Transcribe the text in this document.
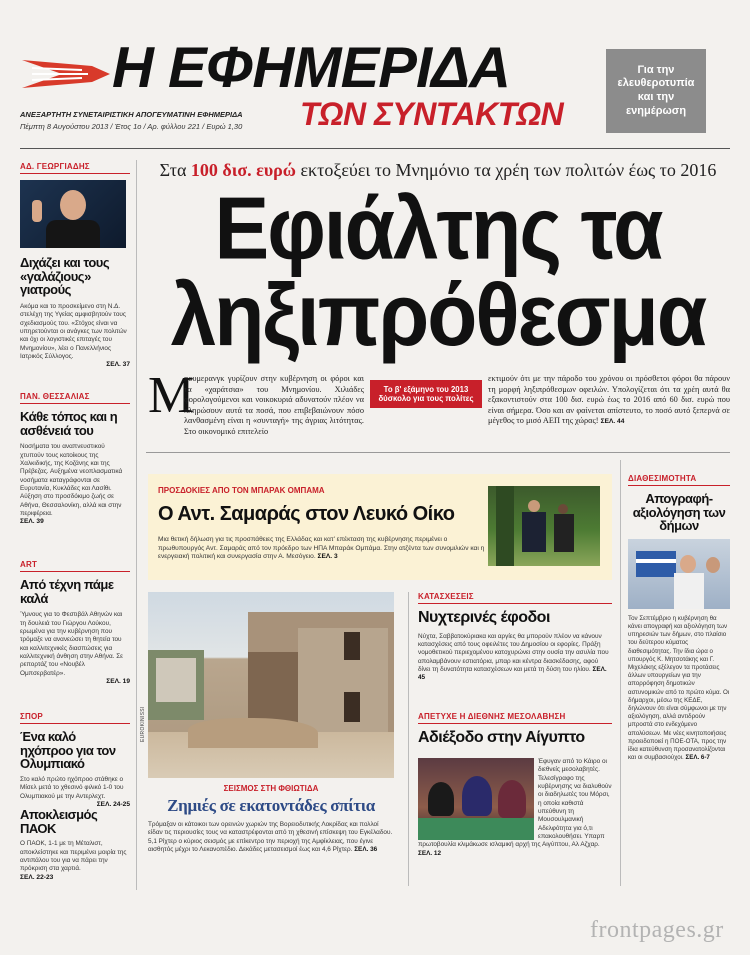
Η ΕΦΗΜΕΡΙΔΑ
ΑΝΕΞΑΡΤΗΤΗ ΣΥΝΕΤΑΙΡΙΣΤΙΚΗ ΑΠΟΓΕΥΜΑΤΙΝΗ ΕΦΗΜΕΡΙΔΑ
Πέμπτη 8 Αυγούστου 2013 / Έτος 1ο / Αρ. φύλλου 221 / Ευρώ 1,30 ΤΩΝ ΣΥΝΤΑΚΤΩΝ
Για την ελευθεροτυπία και την ενημέρωση
ΑΔ. ΓΕΩΡΓΙΑΔΗΣ
Διχάζει και τους «γαλάζιους» γιατρούς
Ακόμα και το προσκείμενο στη Ν.Δ. στελέχη της Υγείας αμφισβητούν τους σχεδιασμούς του. «Στόχος είναι να υπηρετούνται οι ανάγκες των πολιτών και όχι οι λογιστικές επιταγές του Μνημονίου», λέει ο Πανελλήνιος Ιατρικός Σύλλογος.
ΣΕΛ. 37
ΠΑΝ. ΘΕΣΣΑΛΙΑΣ
Κάθε τόπος και η ασθένειά του
Νοσήματα του αναπνευστικού χτυπούν τους κατοίκους της Χαλκιδικής, της Κοζάνης και της Πρέβεζας. Αυξημένα νεοπλασματικά νοσήματα καταγράφονται σε Ευρυτανία, Κυκλάδες και Λασίθι. Αύξηση στο προσδόκιμο ζωής σε Αθήνα, Θεσσαλονίκη, αλλά και στην περιφέρεια.
ΣΕΛ. 39
ART
Από τέχνη πάμε καλά
Ύμνους για το Φεστιβάλ Αθηνών και τη δουλειά του Γιώργου Λούκου, ερωμένα για την κυβέρνηση που τρόμαξε να ανανεώσει τη θητεία του και καλλιτεχνικές διασπώσεις για καλλιτεχνική άνθηση στην Αθήνα. Σε ρεπορτάζ του «Νουβέλ Ομπσερβατέρ».
ΣΕΛ. 19
ΣΠΟΡ
Ένα καλό ηχόπροο για τον Ολυμπιακό
Στο καλό πρώτο ηχόπροο στάθηκε ο Μίσελ μετά το χθεσινό φιλικό 1-0 του Ολυμπιακού με την Αντερλεχτ.
ΣΕΛ. 24-25
Αποκλεισμός ΠΑΟΚ
Ο ΠΑΟΚ, 1-1 με τη Μέταλιστ, αποκλείστηκε και περιμένει μοιρία της αντιπάλου του για να πάρει την πρόκριση στα χαρτιά.
ΣΕΛ. 22-23
Στα 100 δισ. ευρώ εκτοξεύει το Μνημόνιο τα χρέη των πολιτών έως το 2016
Εφιάλτης τα
ληξιπρόθεσμα
Μ
πουμερανγκ γυρίζουν στην κυβέρνηση οι φόροι και τα «χαράτσια» του Μνημονίου. Χιλιάδες φορολογούμενοι και νοικοκυριά αδυνατούν πλέον να πληρώσουν αυτά τα ποσά, που επιβεβαιώνουν πόσο λανθασμένη είναι η «συνταγή» της άγριας λιτότητας. Στο οικονομικό επιτελείο
Το β' εξάμηνο του 2013 δύσκολο για τους πολίτες
εκτιμούν ότι με την πάροδο του χρόνου οι πρόσθετοι φόροι θα πάρουν τη μορφή ληξιπρόθεσμων οφειλών. Υπολογίζεται ότι τα χρέη αυτά θα εξακοντιστούν στα 100 δισ. ευρώ έως το 2016 από 60 δισ. ευρώ που είναι σήμερα. Όσο και αν φαίνεται απίστευτο, το ποσό αυτό ξεπερνά σε μέγεθος το μισό ΑΕΠ της χώρας! ΣΕΛ. 44
ΠΡΟΣΔΟΚΙΕΣ ΑΠΟ ΤΟΝ ΜΠΑΡΑΚ ΟΜΠΑΜΑ
Ο Αντ. Σαμαράς στον Λευκό Οίκο
Μια θετική δήλωση για τις προσπάθειες της Ελλάδας και κατ' επέκταση της κυβέρνησης περιμένει ο πρωθυπουργός Αντ. Σαμαράς από τον πρόεδρο των ΗΠΑ Μπαράκ Ομπάμα. Στην ατζέντα των συνομιλιών και η ενεργειακή πολιτική και συνεργασία στην Α. Μεσόγειο. ΣΕΛ. 3
EUROKINISSI
ΣΕΙΣΜΟΣ ΣΤΗ ΦΘΙΩΤΙΔΑ
Ζημιές σε εκατοντάδες σπίτια
Τρόμαξαν οι κάτοικοι των ορεινών χωριών της Βορειοδυτικής Λοκρίδας και πολλοί είδαν τις περιουσίες τους να καταστρέφονται από τη χθεσινή επίσκεψη του Εγκέλαδου. 5,1 Ρίχτερ ο κύριος σεισμός με επίκεντρο την περιοχή της Αμφίκλειας, που έγινε αισθητός μέχρι το Λεκανοπέδιο. Δεκάδες μετασεισμοί έως και 4,6 Ρίχτερ. ΣΕΛ. 36
ΚΑΤΑΣΧΕΣΕΙΣ
Νυχτερινές έφοδοι
Νύχτα, Σαββατοκύριακα και αργίες θα μπορούν πλέον να κάνουν κατασχέσεις από τους οφειλέτες του Δημοσίου οι εφορίες. Πράξη νομοθετικού περιεχομένου κατοχυρώνει στην ουσία την ασυλία που απολαμβάνουν εστιατόρια, μπαρ και κέντρα διασκέδασης, αφού δίνει τη δυνατότητα κατασχέσεων και μετά τη δύση του ηλίου. ΣΕΛ. 45
ΑΠΕΤΥΧΕ Η ΔΙΕΘΝΗΣ ΜΕΣΟΛΑΒΗΣΗ
Αδιέξοδο στην Αίγυπτο
Έφυγαν από το Κάιρο οι διεθνείς μεσολαβητές. Τελεσίγραφο της κυβέρνησης να διαλυθούν οι διαδηλωτές του Μόρσι, η οποία καθιστά υπεύθυνη τη Μουσουλμανική Αδελφότητα για ό,τι επακολουθήσει. Υπαρπ πρωτοβουλία κλιμάκωσε ισλαμική αρχή της Αιγύπτου, Αλ Αζχαρ. ΣΕΛ. 12
ΔΙΑΘΕΣΙΜΟΤΗΤΑ
Απογραφή-αξιολόγηση των δήμων
Τον Σεπτέμβριο η κυβέρνηση θα κάνει απογραφή και αξιολόγηση των υπηρεσιών των δήμων, στο πλαίσιο του δεύτερου κύματος διαθεσιμότητας. Την ίδια ώρα ο υπουργός Κ. Μητσοτάκης και Γ. Μιχελάκης εξέλεγον τα προτάσεις άλλων υπουργείων για την απορρόφηση δημοτικών αστυνομικών από το πρώτο κύμα. Οι δήμαρχοι, μέσω της ΚΕΔΕ, δηλώνουν ότι είναι σύμφωνοι με την αξιολόγηση, αλλά αντιδρούν μπροστά στο ενδεχόμενο απολύσεων. Με νέες κινητοποιήσεις προειδοποιεί η ΠΟΕ-ΟΤΑ, προς την ίδια κατεύθυνση προσανατολίζονται και οι συμβασιούχοι. ΣΕΛ. 6-7
frontpages.gr
